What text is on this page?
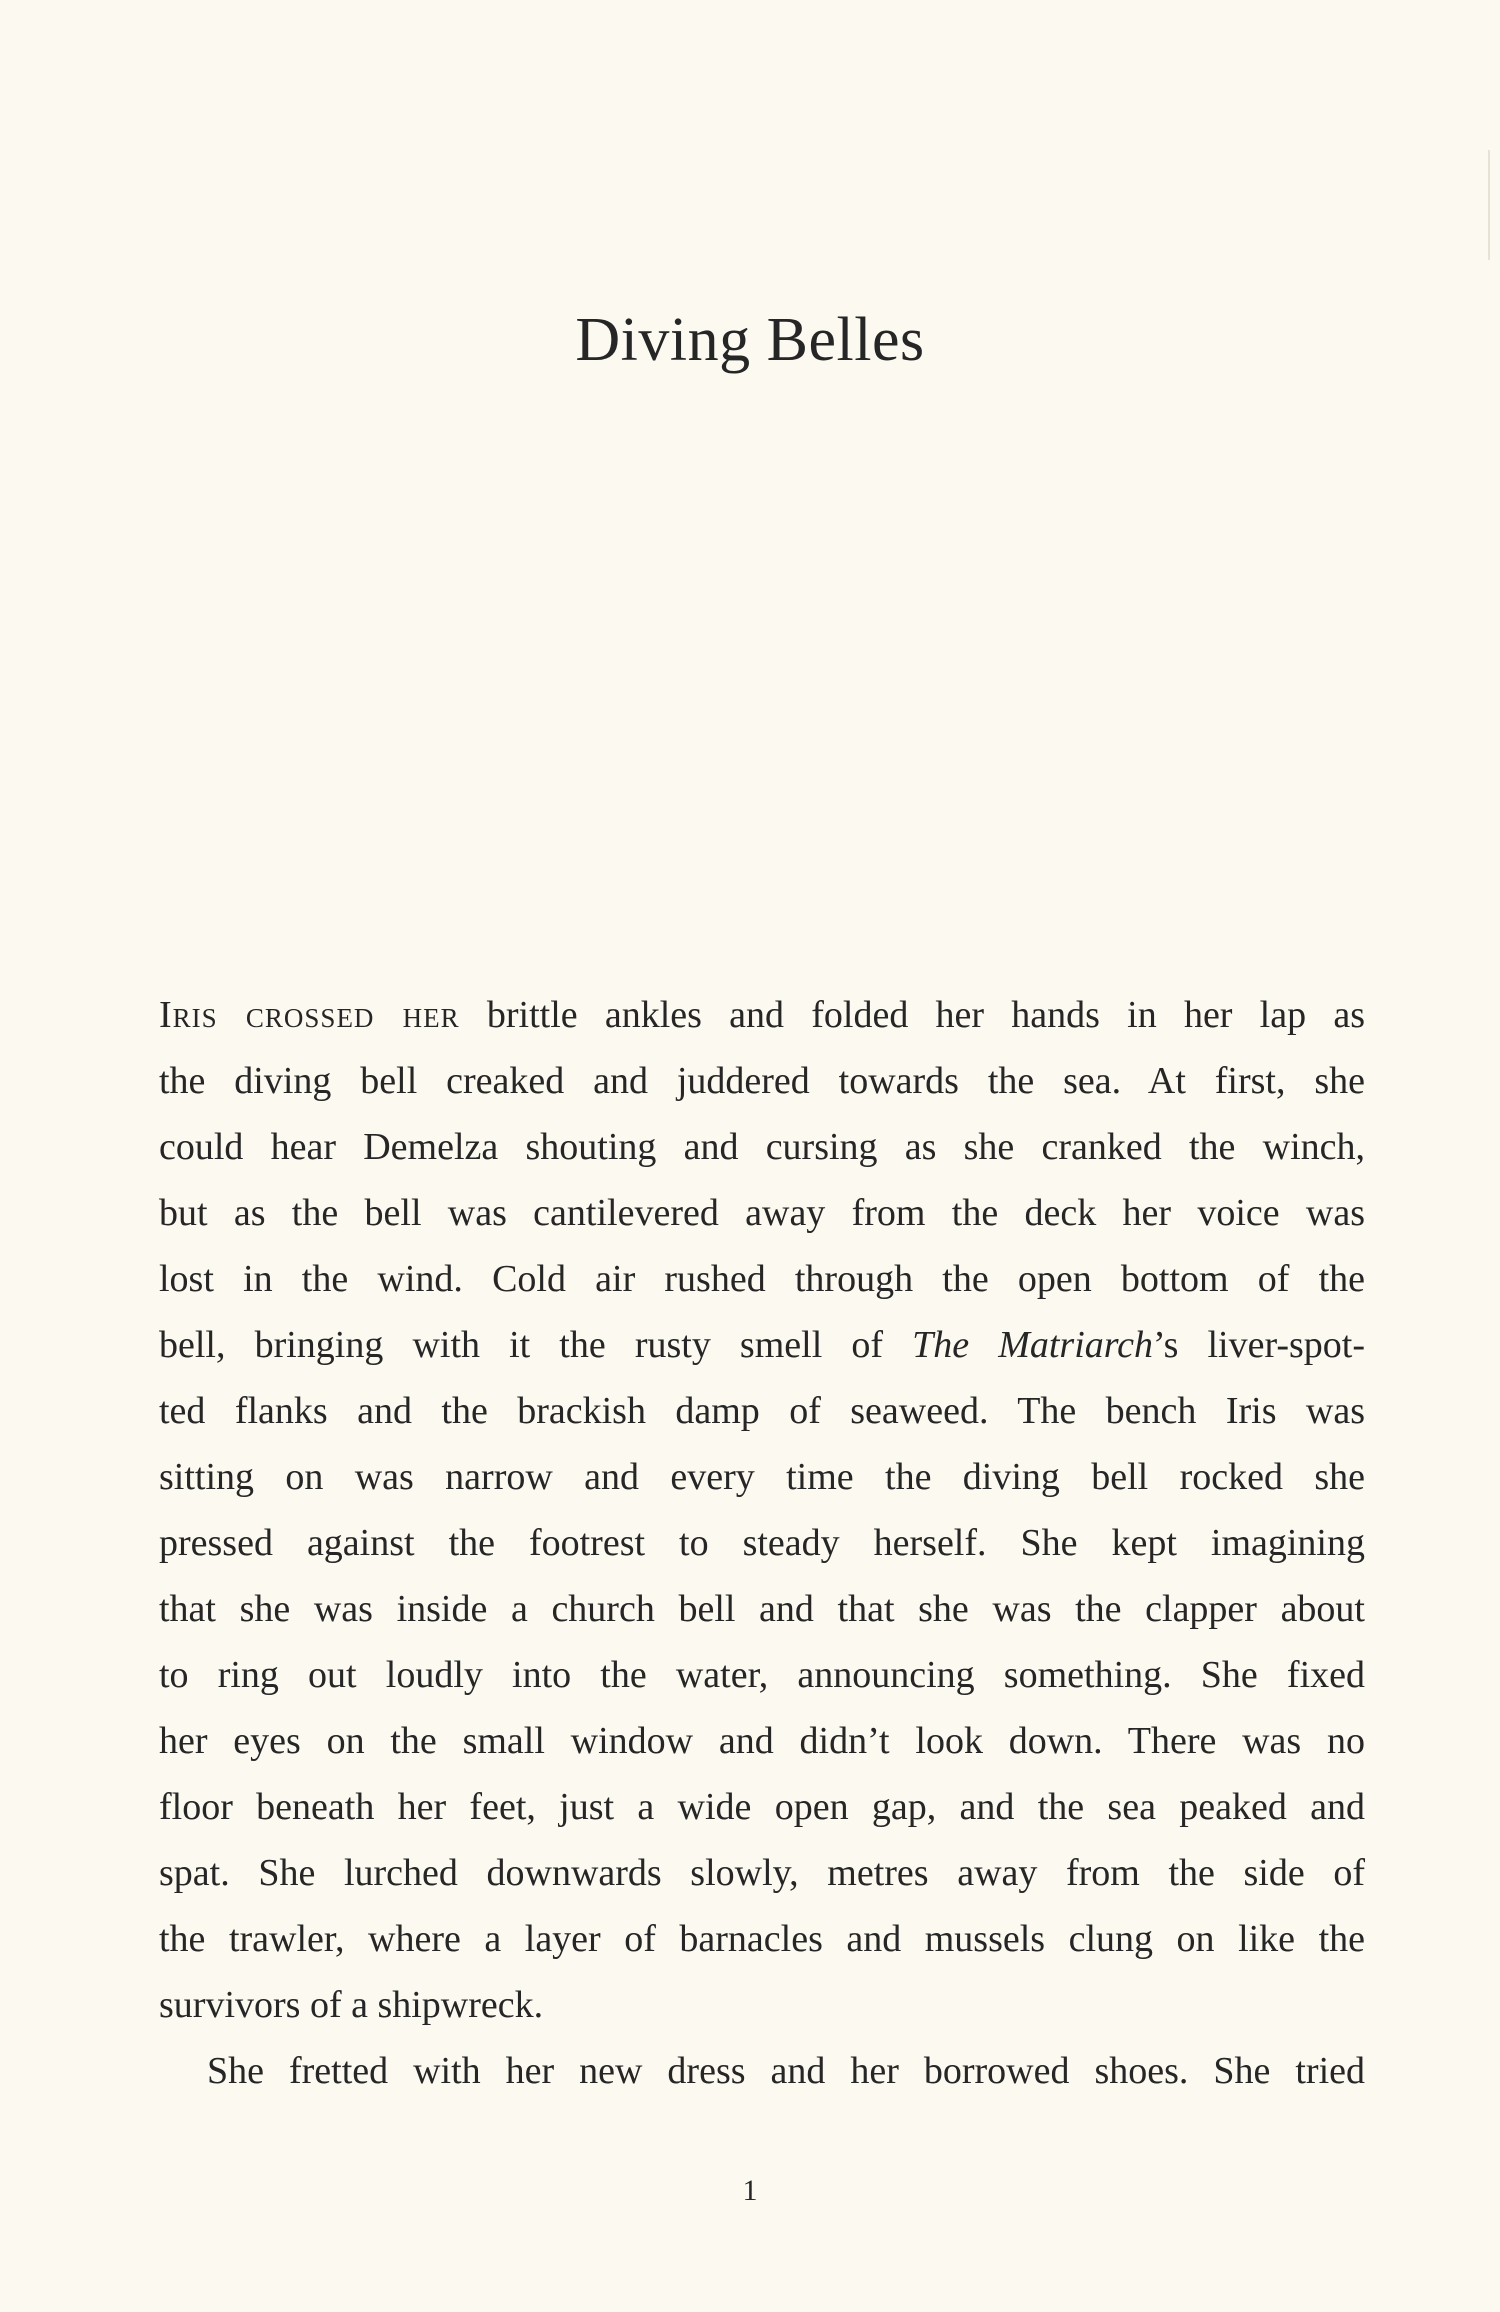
Diving Belles
Iris crossed her brittle ankles and folded her hands in her lap as
the diving bell creaked and juddered towards the sea. At first, she
could hear Demelza shouting and cursing as she cranked the winch,
but as the bell was cantilevered away from the deck her voice was
lost in the wind. Cold air rushed through the open bottom of the
bell, bringing with it the rusty smell of The Matriarch’s liver-spot-
ted flanks and the brackish damp of seaweed. The bench Iris was
sitting on was narrow and every time the diving bell rocked she
pressed against the footrest to steady herself. She kept imagining
that she was inside a church bell and that she was the clapper about
to ring out loudly into the water, announcing something. She fixed
her eyes on the small window and didn’t look down. There was no
floor beneath her feet, just a wide open gap, and the sea peaked and
spat. She lurched downwards slowly, metres away from the side of
the trawler, where a layer of barnacles and mussels clung on like the
survivors of a shipwreck.
She fretted with her new dress and her borrowed shoes. She tried
1
